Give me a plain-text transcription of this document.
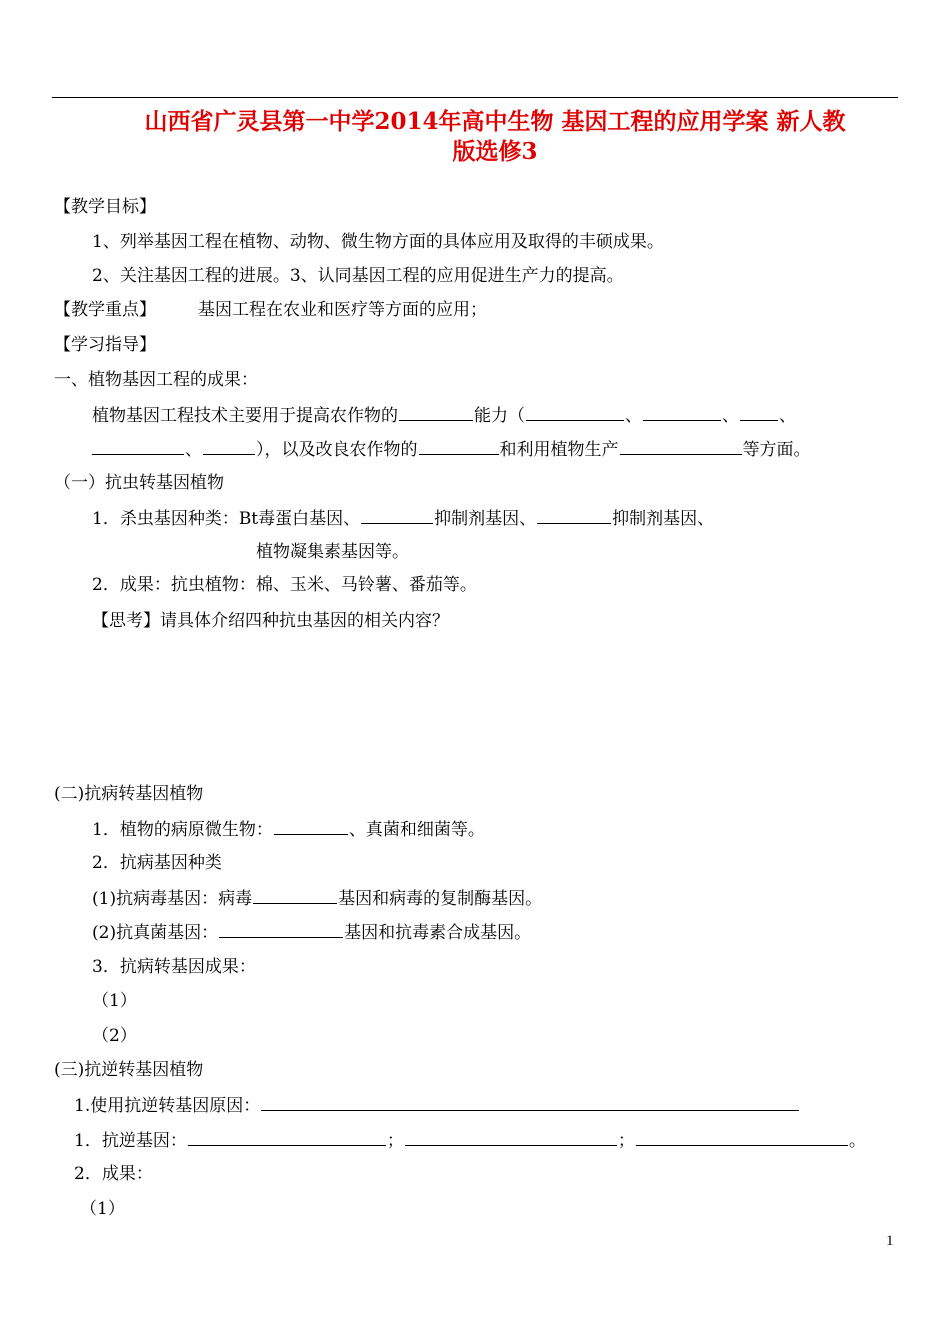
山西省广灵县第一中学2014年高中生物 基因工程的应用学案 新人教
版选修3
【教学目标】
1、列举基因工程在植物、动物、微生物方面的具体应用及取得的丰硕成果。
2、关注基因工程的进展。3、认同基因工程的应用促进生产力的提高。
【教学重点】 基因工程在农业和医疗等方面的应用；
【学习指导】
一、植物基因工程的成果：
植物基因工程技术主要用于提高农作物的	能力（	、	、 、
、	），以及改良农作物的	和利用植物生产	等方面。
（一）抗虫转基因植物
1．杀虫基因种类：Bt毒蛋白基因、	抑制剂基因、	抑制剂基因、
植物凝集素基因等。
2．成果：抗虫植物：棉、玉米、马铃薯、番茄等。
【思考】请具体介绍四种抗虫基因的相关内容？
(二)抗病转基因植物
1．植物的病原微生物：	、真菌和细菌等。
2．抗病基因种类
(1)抗病毒基因：病毒	基因和病毒的复制酶基因。
(2)抗真菌基因：	基因和抗毒素合成基因。
3．抗病转基因成果：
（1）
（2）
(三)抗逆转基因植物
1.使用抗逆转基因原因：
1．抗逆基因：	；	；	。
2．成果：
（1）
1
